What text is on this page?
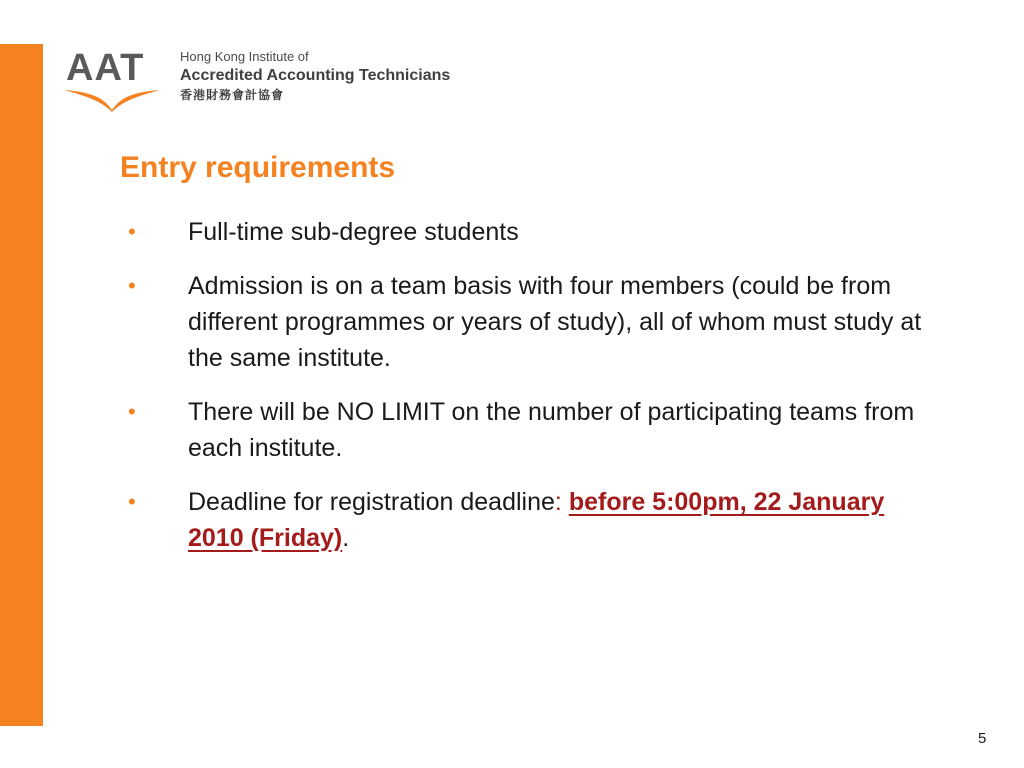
AAT	Hong Kong Institute of
Accredited Accounting Technicians
香港財務會計協會
Entry requirements
• Full-time sub-degree students
• Admission is on a team basis with four members (could be from different programmes or years of study), all of whom must study at the same institute.
• There will be NO LIMIT on the number of participating teams from each institute.
• Deadline for registration deadline: before 5:00pm, 22 January 2010 (Friday).
5
